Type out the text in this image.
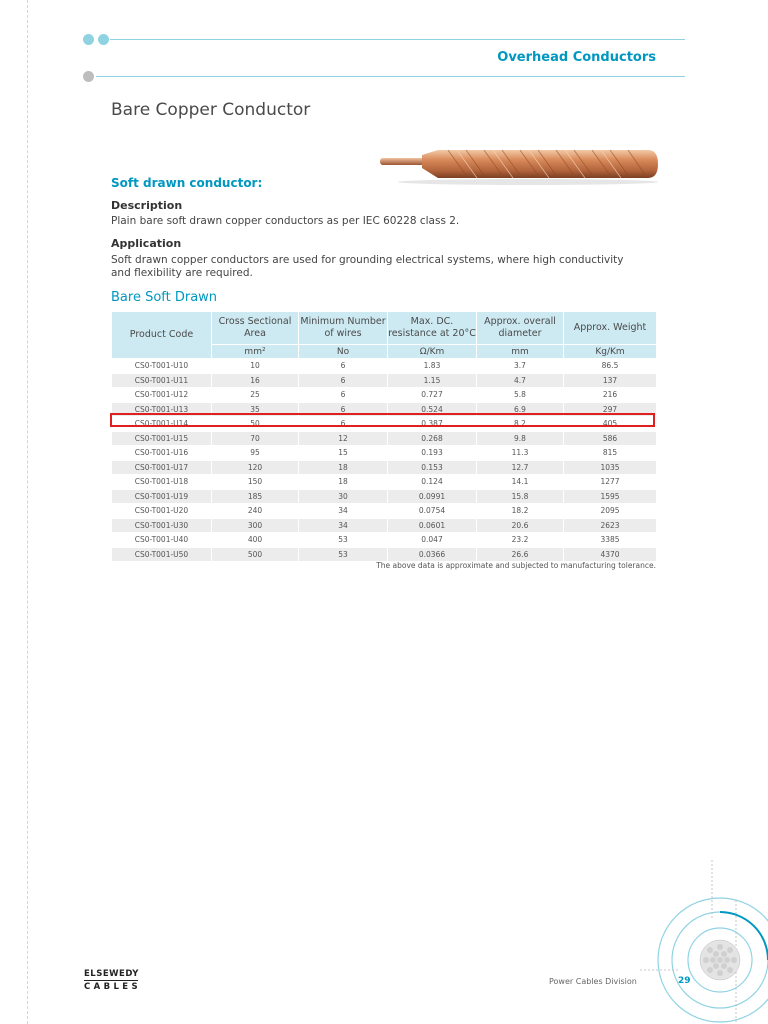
Overhead Conductors
Bare Copper Conductor
Soft drawn conductor:
Description
Plain bare soft drawn copper conductors as per IEC 60228 class 2.
Application
Soft drawn copper conductors are used for grounding electrical systems, where high conductivity and flexibility are required.
Bare Soft Drawn
Product Code	Cross Sectional Area	Minimum Number of wires	Max. DC. resistance at 20°C	Approx. overall diameter	Approx. Weight
	mm²	No	Ω/Km	mm	Kg/Km
CS0-T001-U10	10	6	1.83	3.7	86.5
CS0-T001-U11	16	6	1.15	4.7	137
CS0-T001-U12	25	6	0.727	5.8	216
CS0-T001-U13	35	6	0.524	6.9	297
CS0-T001-U14	50	6	0.387	8.2	405
CS0-T001-U15	70	12	0.268	9.8	586
CS0-T001-U16	95	15	0.193	11.3	815
CS0-T001-U17	120	18	0.153	12.7	1035
CS0-T001-U18	150	18	0.124	14.1	1277
CS0-T001-U19	185	30	0.0991	15.8	1595
CS0-T001-U20	240	34	0.0754	18.2	2095
CS0-T001-U30	300	34	0.0601	20.6	2623
CS0-T001-U40	400	53	0.047	23.2	3385
CS0-T001-U50	500	53	0.0366	26.6	4370
The above data is approximate and subjected to manufacturing tolerance.
ELSEWEDY
CABLES
Power Cables Division	29
